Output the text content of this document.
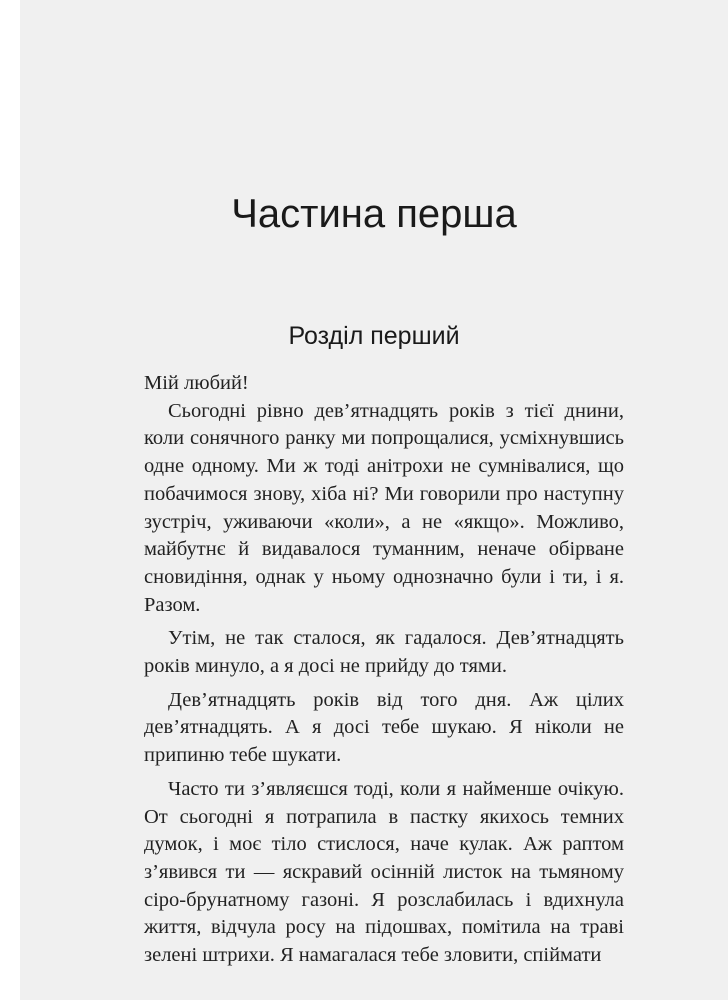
Частина перша
Розділ перший

Мій любий!

Сьогодні рівно дев’ятнадцять років з тієї днини, коли сонячного ранку ми попрощалися, усміхнувшись одне одному. Ми ж тоді анітрохи не сумнівалися, що побачимося знову, хіба ні? Ми говорили про наступну зустріч, уживаючи «коли», а не «якщо». Можливо, майбутнє й видавалося туманним, неначе обірване сновидіння, однак у ньому однозначно були і ти, і я. Разом.

Утім, не так сталося, як гадалося. Дев’ятнадцять років минуло, а я досі не прийду до тями.

Дев’ятнадцять років від того дня. Аж цілих дев’ятнадцять. А я досі тебе шукаю. Я ніколи не припиню тебе шукати.

Часто ти з’являєшся тоді, коли я найменше очікую. От сьогодні я потрапила в пастку якихось темних думок, і моє тіло стислося, наче кулак. Аж раптом з’явився ти — яскравий осінній листок на тьмяному сіро-брунатному газоні. Я розслабилась і вдихнула життя, відчула росу на підошвах, помітила на траві зелені штрихи. Я намагалася тебе зловити, спіймати
